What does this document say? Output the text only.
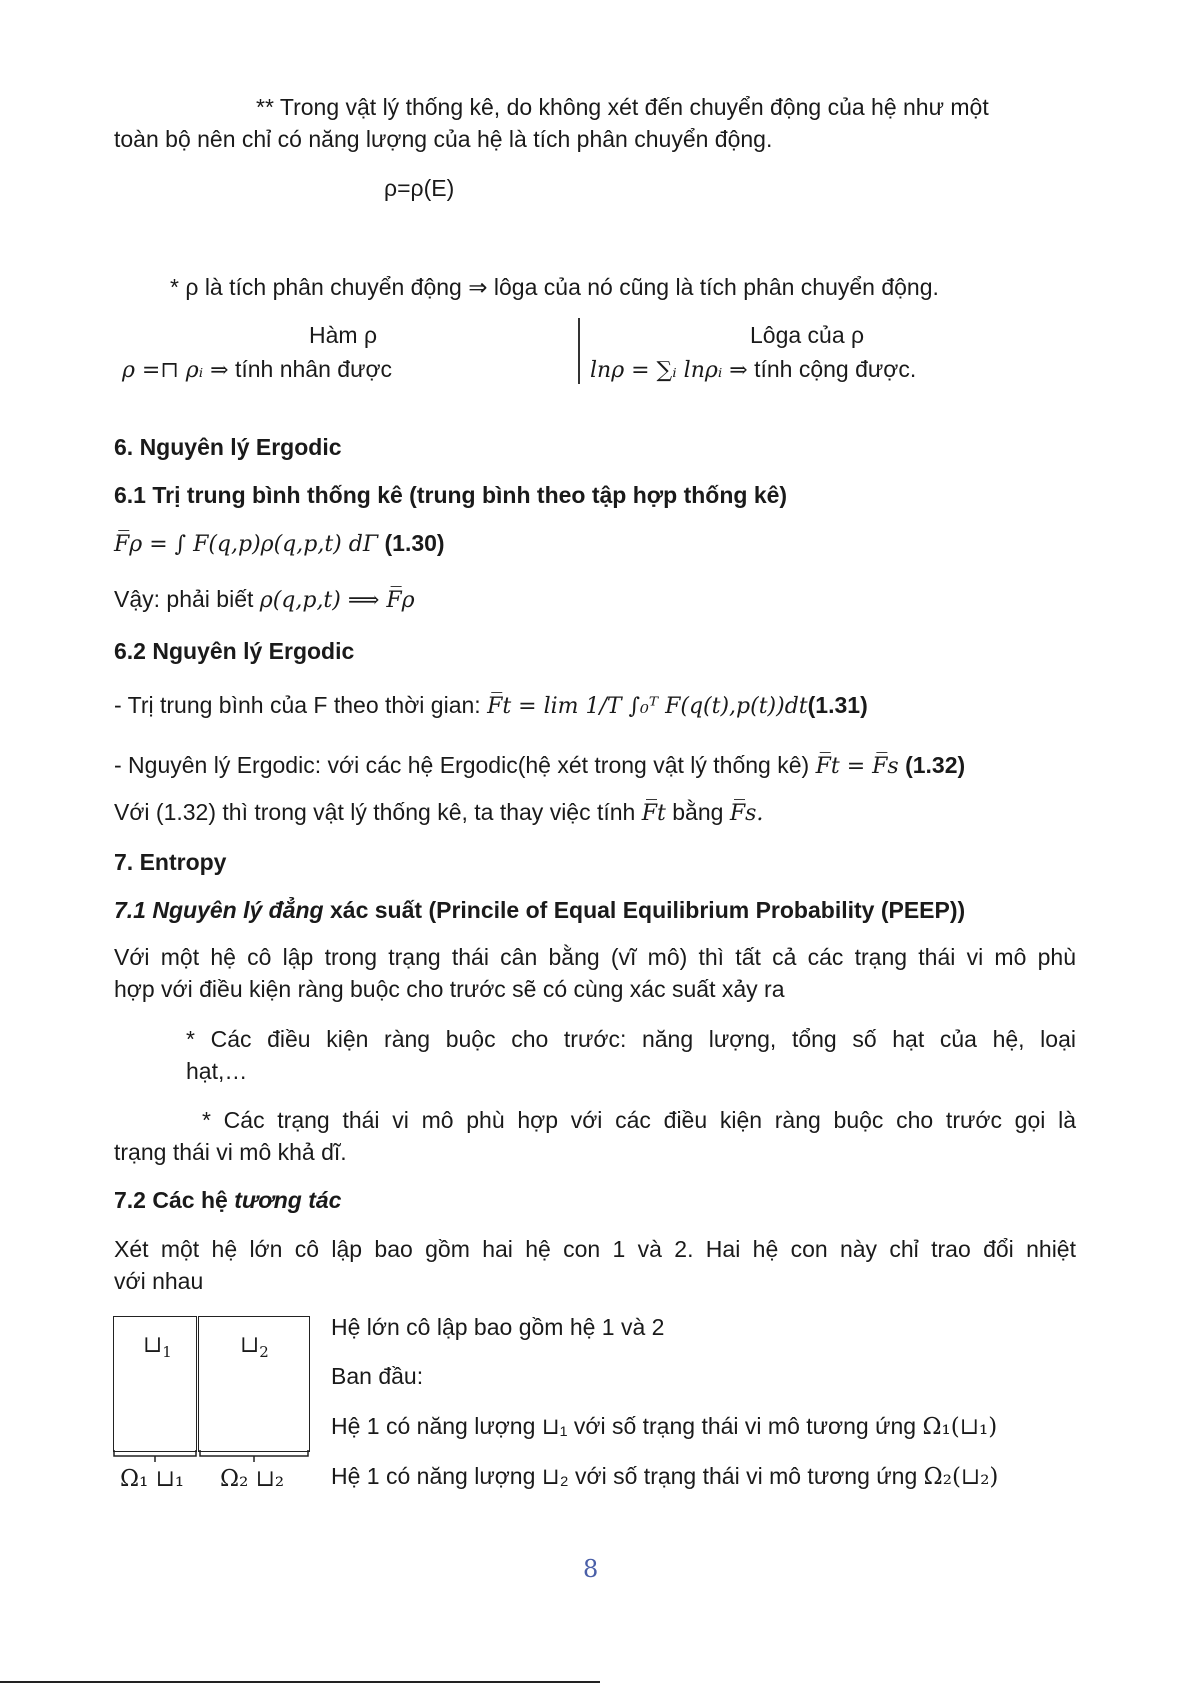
** Trong vật lý thống kê, do không xét đến chuyển động của hệ như một
toàn bộ nên chỉ có năng lượng của hệ là tích phân chuyển động.
ρ=ρ(E)
* ρ là tích phân chuyển động ⇒ lôga của nó cũng là tích phân chuyển động.
Hàm ρ
ρ =⊓ ρᵢ ⇒ tính nhân được
Lôga của ρ
lnρ = ∑ᵢ lnρᵢ ⇒ tính cộng được.
6. Nguyên lý Ergodic
6.1 Trị trung bình thống kê (trung bình theo tập hợp thống kê)
F̅ρ = ∫ F(q,p)ρ(q,p,t) dΓ (1.30)
Vậy: phải biết ρ(q,p,t) ⟹ F̅ρ
6.2 Nguyên lý Ergodic
- Trị trung bình của F theo thời gian: F̅t = lim 1/T ∫₀ᵀ F(q(t),p(t))dt(1.31)
- Nguyên lý Ergodic: với các hệ Ergodic(hệ xét trong vật lý thống kê) F̅t = F̅s (1.32)
Với (1.32) thì trong vật lý thống kê, ta thay việc tính F̅t bằng F̅s.
7. Entropy
7.1 Nguyên lý đẳng xác suất (Princile of Equal Equilibrium Probability (PEEP))
Với một hệ cô lập trong trạng thái cân bằng (vĩ mô) thì tất cả các trạng thái vi mô phù
hợp với điều kiện ràng buộc cho trước sẽ có cùng xác suất xảy ra
* Các điều kiện ràng buộc cho trước: năng lượng, tổng số hạt của hệ, loại
hạt,…
* Các trạng thái vi mô phù hợp với các điều kiện ràng buộc cho trước gọi là
trạng thái vi mô khả dĩ.
7.2 Các hệ tương tác
Xét một hệ lớn cô lập bao gồm hai hệ con 1 và 2. Hai hệ con này chỉ trao đổi nhiệt
với nhau
$⊔_1$	$⊔_2$
Ω₁ ⊔₁ Ω₂ ⊔₂
Hệ lớn cô lập bao gồm hệ 1 và 2
Ban đầu:
Hệ 1 có năng lượng ⊔₁ với số trạng thái vi mô tương ứng Ω₁(⊔₁)
Hệ 1 có năng lượng ⊔₂ với số trạng thái vi mô tương ứng Ω₂(⊔₂)
8
